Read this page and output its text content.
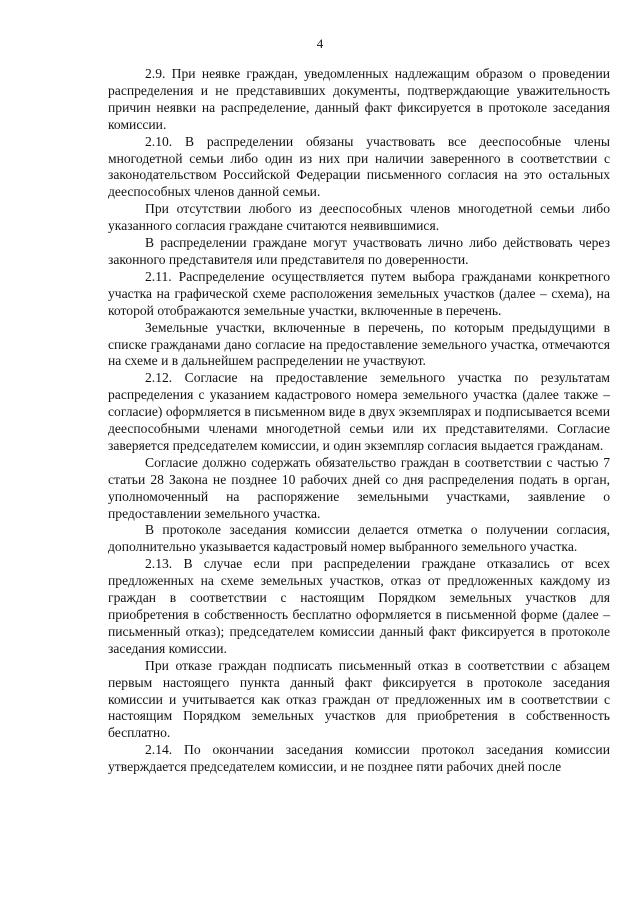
4

2.9. При неявке граждан, уведомленных надлежащим образом о проведении распределения и не представивших документы, подтверждающие уважительность причин неявки на распределение, данный факт фиксируется в протоколе заседания комиссии.

2.10. В распределении обязаны участвовать все дееспособные члены многодетной семьи либо один из них при наличии заверенного в соответствии с законодательством Российской Федерации письменного согласия на это остальных дееспособных членов данной семьи.

При отсутствии любого из дееспособных членов многодетной семьи либо указанного согласия граждане считаются неявившимися.

В распределении граждане могут участвовать лично либо действовать через законного представителя или представителя по доверенности.

2.11. Распределение осуществляется путем выбора гражданами конкретного участка на графической схеме расположения земельных участков (далее – схема), на которой отображаются земельные участки, включенные в перечень.

Земельные участки, включенные в перечень, по которым предыдущими в списке гражданами дано согласие на предоставление земельного участка, отмечаются на схеме и в дальнейшем распределении не участвуют.

2.12. Согласие на предоставление земельного участка по результатам распределения с указанием кадастрового номера земельного участка (далее также – согласие) оформляется в письменном виде в двух экземплярах и подписывается всеми дееспособными членами многодетной семьи или их представителями. Согласие заверяется председателем комиссии, и один экземпляр согласия выдается гражданам.

Согласие должно содержать обязательство граждан в соответствии с частью 7 статьи 28 Закона не позднее 10 рабочих дней со дня распределения подать в орган, уполномоченный на распоряжение земельными участками, заявление о предоставлении земельного участка.

В протоколе заседания комиссии делается отметка о получении согласия, дополнительно указывается кадастровый номер выбранного земельного участка.

2.13. В случае если при распределении граждане отказались от всех предложенных на схеме земельных участков, отказ от предложенных каждому из граждан в соответствии с настоящим Порядком земельных участков для приобретения в собственность бесплатно оформляется в письменной форме (далее – письменный отказ); председателем комиссии данный факт фиксируется в протоколе заседания комиссии.

При отказе граждан подписать письменный отказ в соответствии с абзацем первым настоящего пункта данный факт фиксируется в протоколе заседания комиссии и учитывается как отказ граждан от предложенных им в соответствии с настоящим Порядком земельных участков для приобретения в собственность бесплатно.

2.14. По окончании заседания комиссии протокол заседания комиссии утверждается председателем комиссии, и не позднее пяти рабочих дней после
